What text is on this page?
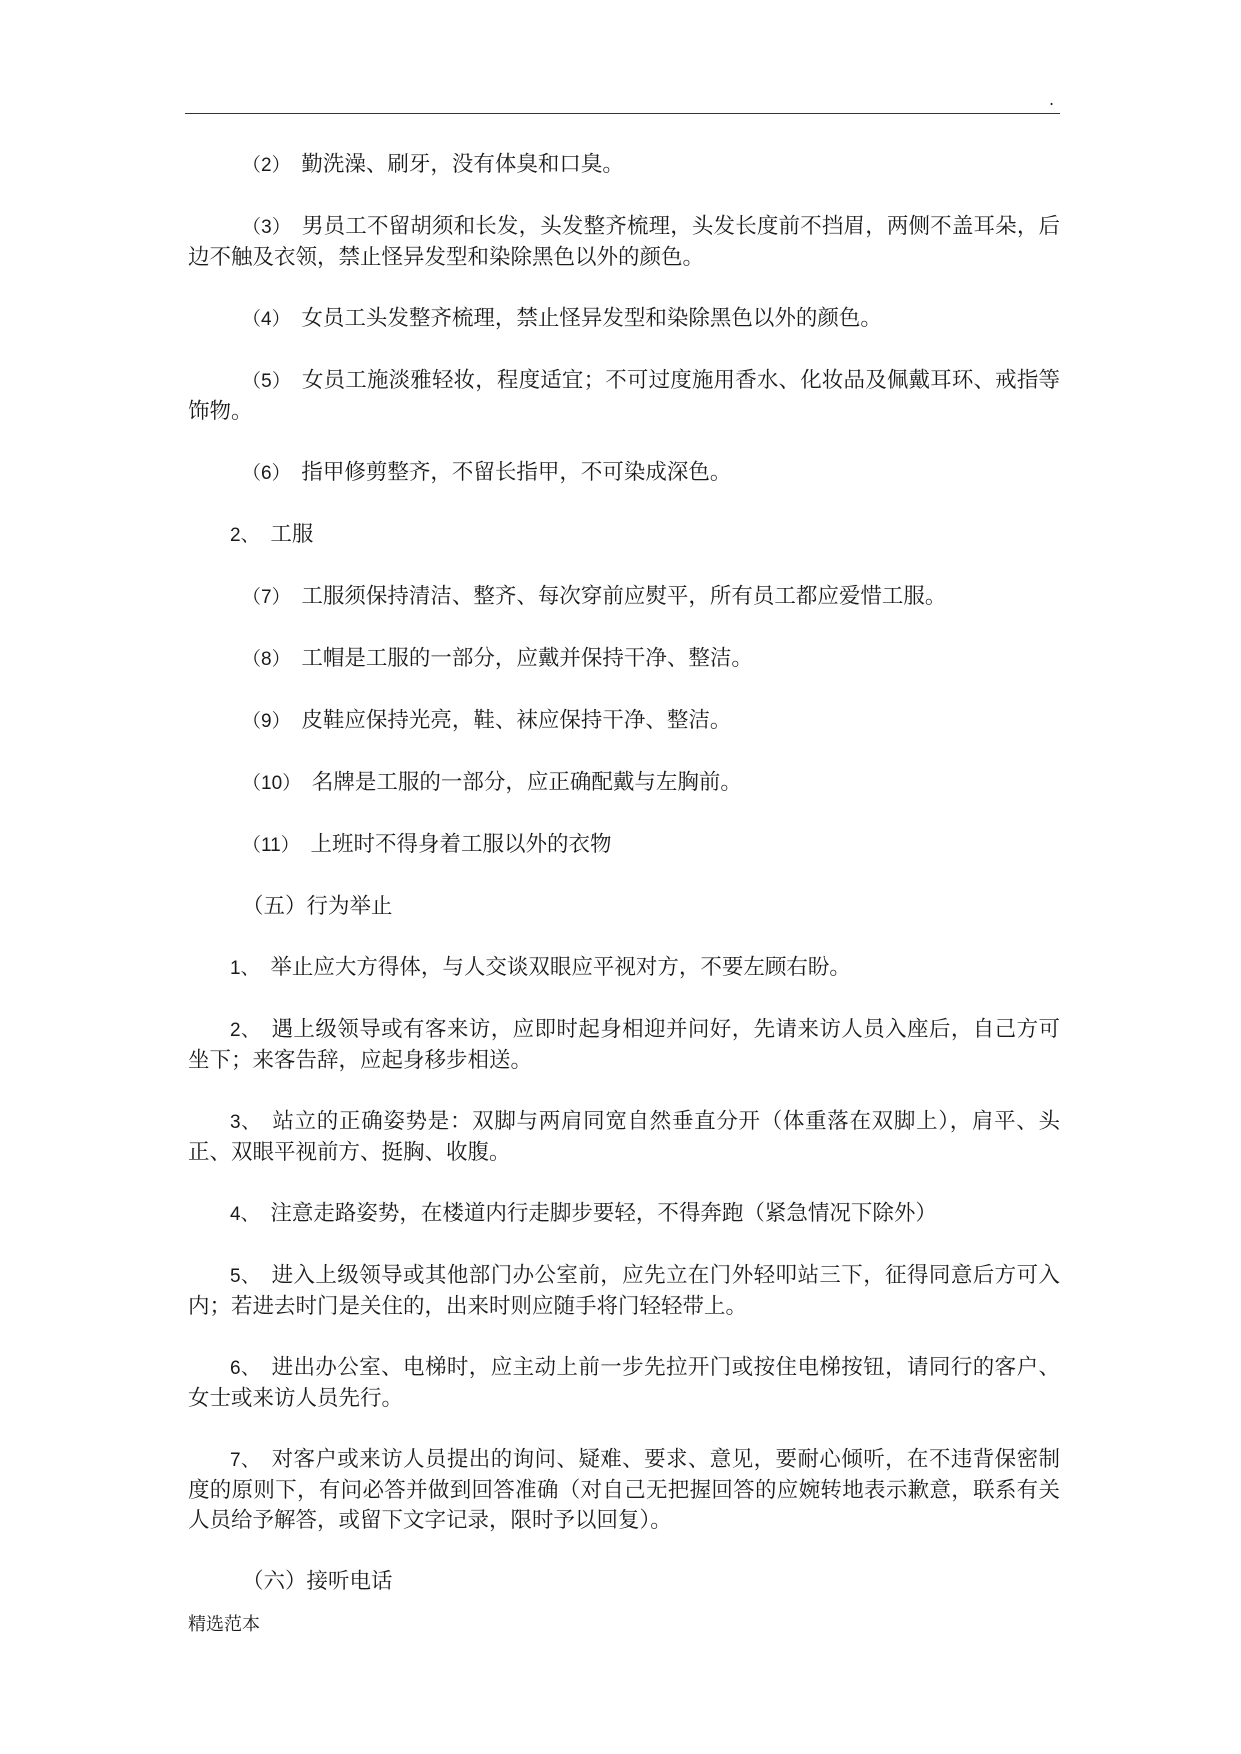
.

（2）  勤洗澡、刷牙，没有体臭和口臭。

（3）  男员工不留胡须和长发，头发整齐梳理，头发长度前不挡眉，两侧不盖耳朵，后边不触及衣领，禁止怪异发型和染除黑色以外的颜色。

（4）  女员工头发整齐梳理，禁止怪异发型和染除黑色以外的颜色。

（5）  女员工施淡雅轻妆，程度适宜；不可过度施用香水、化妆品及佩戴耳环、戒指等饰物。

（6）  指甲修剪整齐，不留长指甲，不可染成深色。

2、  工服

（7）  工服须保持清洁、整齐、每次穿前应熨平，所有员工都应爱惜工服。

（8）  工帽是工服的一部分，应戴并保持干净、整洁。

（9）  皮鞋应保持光亮，鞋、袜应保持干净、整洁。

（10）  名牌是工服的一部分，应正确配戴与左胸前。

（11）  上班时不得身着工服以外的衣物

（五）行为举止

1、  举止应大方得体，与人交谈双眼应平视对方，不要左顾右盼。

2、  遇上级领导或有客来访，应即时起身相迎并问好，先请来访人员入座后，自己方可坐下；来客告辞，应起身移步相送。

3、  站立的正确姿势是：双脚与两肩同宽自然垂直分开（体重落在双脚上），肩平、头正、双眼平视前方、挺胸、收腹。

4、  注意走路姿势，在楼道内行走脚步要轻，不得奔跑（紧急情况下除外）

5、  进入上级领导或其他部门办公室前，应先立在门外轻叩站三下，征得同意后方可入内；若进去时门是关住的，出来时则应随手将门轻轻带上。

6、  进出办公室、电梯时，应主动上前一步先拉开门或按住电梯按钮，请同行的客户、女士或来访人员先行。

7、  对客户或来访人员提出的询问、疑难、要求、意见，要耐心倾听，在不违背保密制度的原则下，有问必答并做到回答准确（对自己无把握回答的应婉转地表示歉意，联系有关人员给予解答，或留下文字记录，限时予以回复）。

（六）接听电话

精选范本
